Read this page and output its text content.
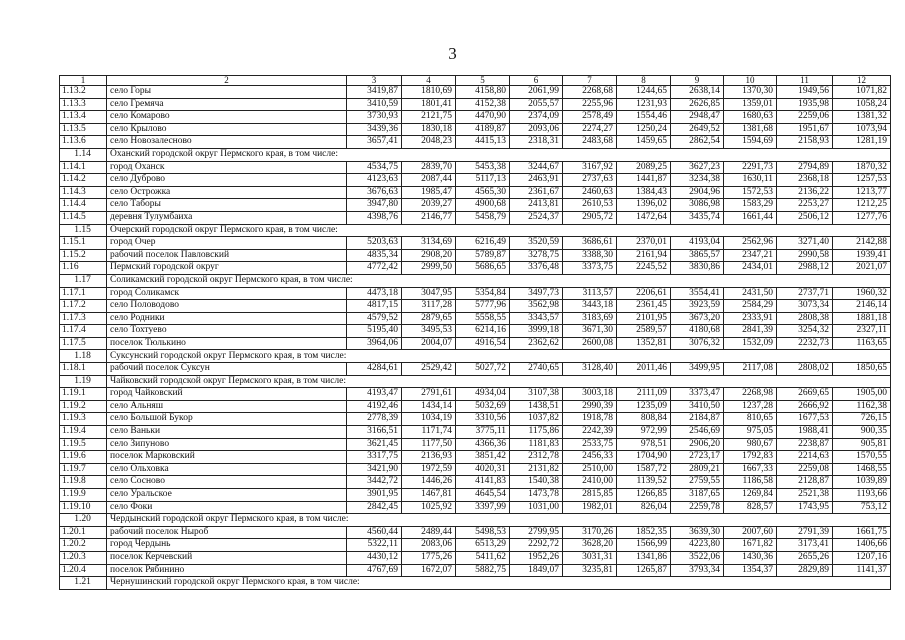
3
1	2	3	4	5	6	7	8	9	10	11	12
1.13.2	село Горы	3419,87	1810,69	4158,80	2061,99	2268,68	1244,65	2638,14	1370,30	1949,56	1071,82
1.13.3	село Гремяча	3410,59	1801,41	4152,38	2055,57	2255,96	1231,93	2626,85	1359,01	1935,98	1058,24
1.13.4	село Комарово	3730,93	2121,75	4470,90	2374,09	2578,49	1554,46	2948,47	1680,63	2259,06	1381,32
1.13.5	село Крылово	3439,36	1830,18	4189,87	2093,06	2274,27	1250,24	2649,52	1381,68	1951,67	1073,94
1.13.6	село Новозалесново	3657,41	2048,23	4415,13	2318,31	2483,68	1459,65	2862,54	1594,69	2158,93	1281,19
1.14	Оханский городской округ Пермского края, в том числе:										
1.14.1	город Оханск	4534,75	2839,70	5453,38	3244,67	3167,92	2089,25	3627,23	2291,73	2794,89	1870,32
1.14.2	село Дуброво	4123,63	2087,44	5117,13	2463,91	2737,63	1441,87	3234,38	1630,11	2368,18	1257,53
1.14.3	село Острожка	3676,63	1985,47	4565,30	2361,67	2460,63	1384,43	2904,96	1572,53	2136,22	1213,77
1.14.4	село Таборы	3947,80	2039,27	4900,68	2413,81	2610,53	1396,02	3086,98	1583,29	2253,27	1212,25
1.14.5	деревня Тулумбаиха	4398,76	2146,77	5458,79	2524,37	2905,72	1472,64	3435,74	1661,44	2506,12	1277,76
1.15	Очерский городской округ Пермского края, в том числе:										
1.15.1	город Очер	5203,63	3134,69	6216,49	3520,59	3686,61	2370,01	4193,04	2562,96	3271,40	2142,88
1.15.2	рабочий поселок Павловский	4835,34	2908,20	5789,87	3278,75	3388,30	2161,94	3865,57	2347,21	2990,58	1939,41
1.16	Пермский городской округ	4772,42	2999,50	5686,65	3376,48	3373,75	2245,52	3830,86	2434,01	2988,12	2021,07
1.17	Соликамский городской округ Пермского края, в том числе:										
1.17.1	город Соликамск	4473,18	3047,95	5354,84	3497,73	3113,57	2206,61	3554,41	2431,50	2737,71	1960,32
1.17.2	село Половодово	4817,15	3117,28	5777,96	3562,98	3443,18	2361,45	3923,59	2584,29	3073,34	2146,14
1.17.3	село Родники	4579,52	2879,65	5558,55	3343,57	3183,69	2101,95	3673,20	2333,91	2808,38	1881,18
1.17.4	село Тохтуево	5195,40	3495,53	6214,16	3999,18	3671,30	2589,57	4180,68	2841,39	3254,32	2327,11
1.17.5	поселок Тюлькино	3964,06	2004,07	4916,54	2362,62	2600,08	1352,81	3076,32	1532,09	2232,73	1163,65
1.18	Суксунский городской округ Пермского края, в том числе:										
1.18.1	рабочий поселок Суксун	4284,61	2529,42	5027,72	2740,65	3128,40	2011,46	3499,95	2117,08	2808,02	1850,65
1.19	Чайковский городской округ Пермского края, в том числе:										
1.19.1	город Чайковский	4193,47	2791,61	4934,04	3107,38	3003,18	2111,09	3373,47	2268,98	2669,65	1905,00
1.19.2	село Альняш	4192,46	1434,14	5032,69	1438,51	2990,39	1235,09	3410,50	1237,28	2666,92	1162,38
1.19.3	село Большой Букор	2778,39	1034,19	3310,56	1037,82	1918,78	808,84	2184,87	810,65	1677,53	726,15
1.19.4	село Ваньки	3166,51	1171,74	3775,11	1175,86	2242,39	972,99	2546,69	975,05	1988,41	900,35
1.19.5	село Зипуново	3621,45	1177,50	4366,36	1181,83	2533,75	978,51	2906,20	980,67	2238,87	905,81
1.19.6	поселок Марковский	3317,75	2136,93	3851,42	2312,78	2456,33	1704,90	2723,17	1792,83	2214,63	1570,55
1.19.7	село Ольховка	3421,90	1972,59	4020,31	2131,82	2510,00	1587,72	2809,21	1667,33	2259,08	1468,55
1.19.8	село Сосново	3442,72	1446,26	4141,83	1540,38	2410,00	1139,52	2759,55	1186,58	2128,87	1039,89
1.19.9	село Уральское	3901,95	1467,81	4645,54	1473,78	2815,85	1266,85	3187,65	1269,84	2521,38	1193,66
1.19.10	село Фоки	2842,45	1025,92	3397,99	1031,00	1982,01	826,04	2259,78	828,57	1743,95	753,12
1.20	Чердынский городской округ Пермского края, в том числе:										
1.20.1	рабочий поселок Ныроб	4560,44	2489,44	5498,53	2799,95	3170,26	1852,35	3639,30	2007,60	2791,39	1661,75
1.20.2	город Чердынь	5322,11	2083,06	6513,29	2292,72	3628,20	1566,99	4223,80	1671,82	3173,41	1406,66
1.20.3	поселок Керчевский	4430,12	1775,26	5411,62	1952,26	3031,31	1341,86	3522,06	1430,36	2655,26	1207,16
1.20.4	поселок Рябинино	4767,69	1672,07	5882,75	1849,07	3235,81	1265,87	3793,34	1354,37	2829,89	1141,37
1.21	Чернушинский городской округ Пермского края, в том числе:										
